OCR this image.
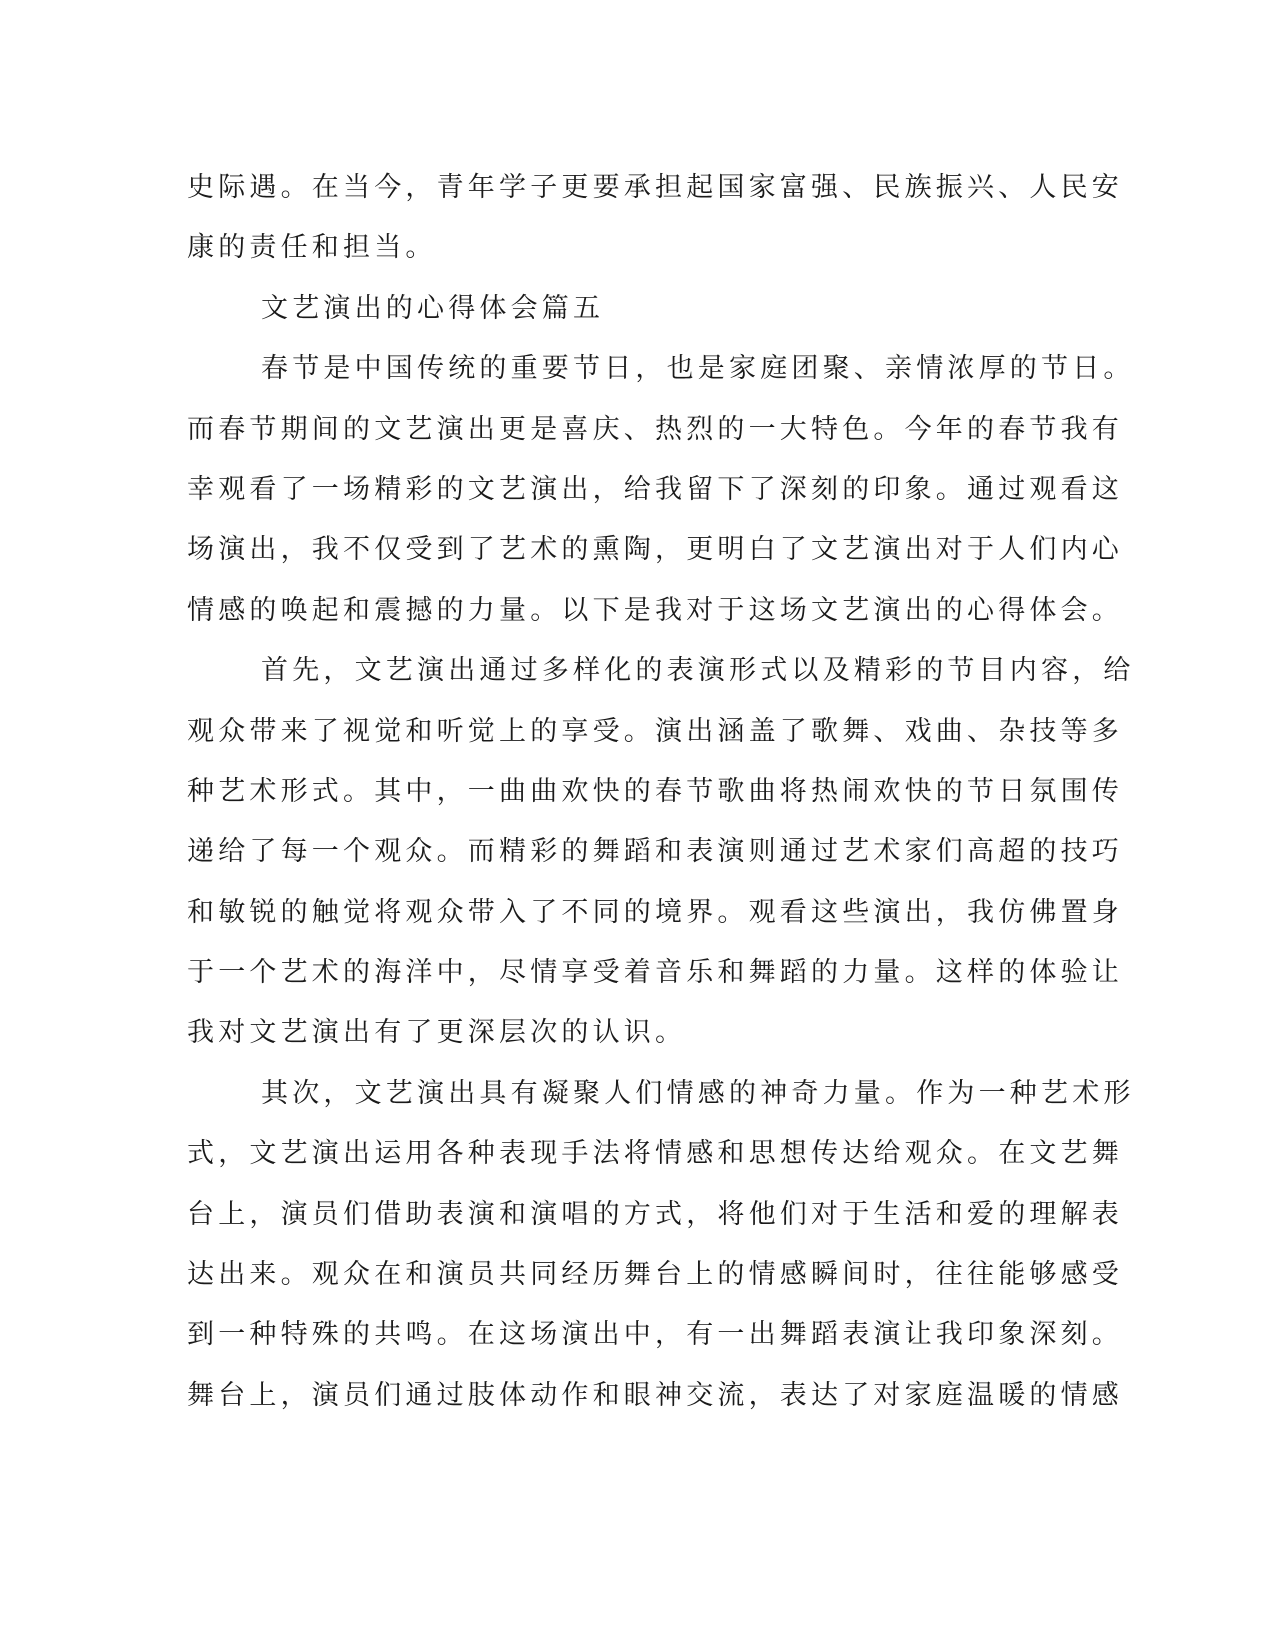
史际遇。在当今，青年学子更要承担起国家富强、民族振兴、人民安
康的责任和担当。
文艺演出的心得体会篇五
春节是中国传统的重要节日，也是家庭团聚、亲情浓厚的节日。
而春节期间的文艺演出更是喜庆、热烈的一大特色。今年的春节我有
幸观看了一场精彩的文艺演出，给我留下了深刻的印象。通过观看这
场演出，我不仅受到了艺术的熏陶，更明白了文艺演出对于人们内心
情感的唤起和震撼的力量。以下是我对于这场文艺演出的心得体会。
首先，文艺演出通过多样化的表演形式以及精彩的节目内容，给
观众带来了视觉和听觉上的享受。演出涵盖了歌舞、戏曲、杂技等多
种艺术形式。其中，一曲曲欢快的春节歌曲将热闹欢快的节日氛围传
递给了每一个观众。而精彩的舞蹈和表演则通过艺术家们高超的技巧
和敏锐的触觉将观众带入了不同的境界。观看这些演出，我仿佛置身
于一个艺术的海洋中，尽情享受着音乐和舞蹈的力量。这样的体验让
我对文艺演出有了更深层次的认识。
其次，文艺演出具有凝聚人们情感的神奇力量。作为一种艺术形
式，文艺演出运用各种表现手法将情感和思想传达给观众。在文艺舞
台上，演员们借助表演和演唱的方式，将他们对于生活和爱的理解表
达出来。观众在和演员共同经历舞台上的情感瞬间时，往往能够感受
到一种特殊的共鸣。在这场演出中，有一出舞蹈表演让我印象深刻。
舞台上，演员们通过肢体动作和眼神交流，表达了对家庭温暖的情感
